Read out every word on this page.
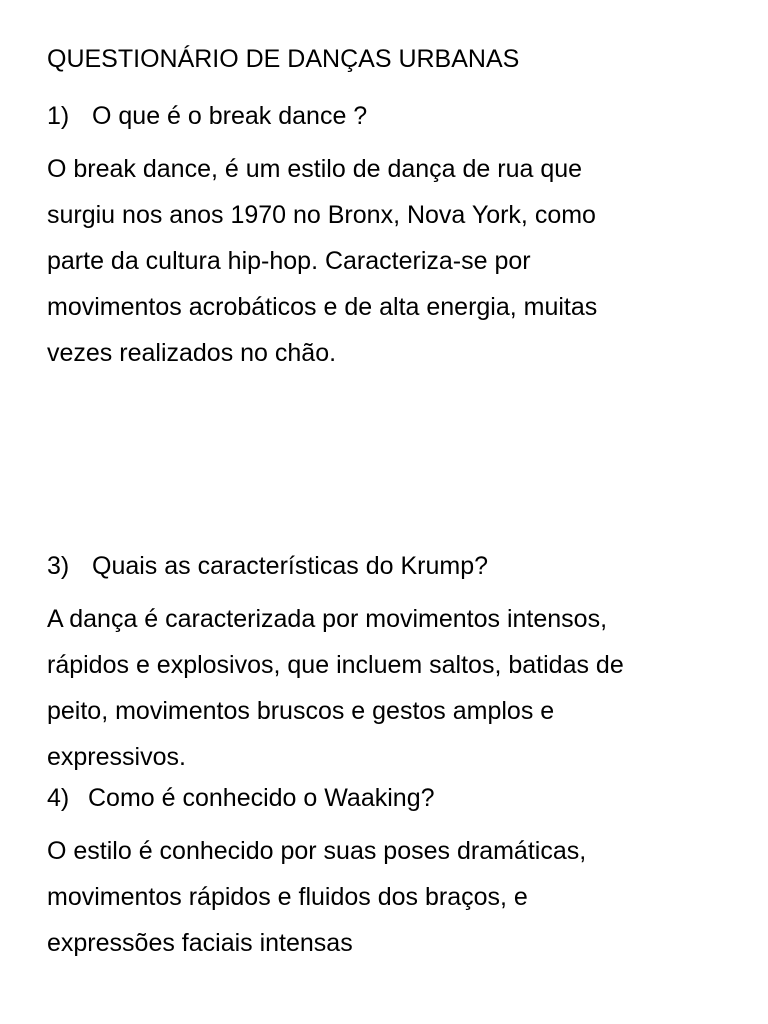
QUESTIONÁRIO DE DANÇAS URBANAS
1) O que é o break dance ?
O break dance, é um estilo de dança de rua que
surgiu nos anos 1970 no Bronx, Nova York, como
parte da cultura hip-hop. Caracteriza-se por
movimentos acrobáticos e de alta energia, muitas
vezes realizados no chão.
3) Quais as características do Krump?
A dança é caracterizada por movimentos intensos,
rápidos e explosivos, que incluem saltos, batidas de
peito, movimentos bruscos e gestos amplos e
expressivos.
4) Como é conhecido o Waaking?
O estilo é conhecido por suas poses dramáticas,
movimentos rápidos e fluidos dos braços, e
expressões faciais intensas
